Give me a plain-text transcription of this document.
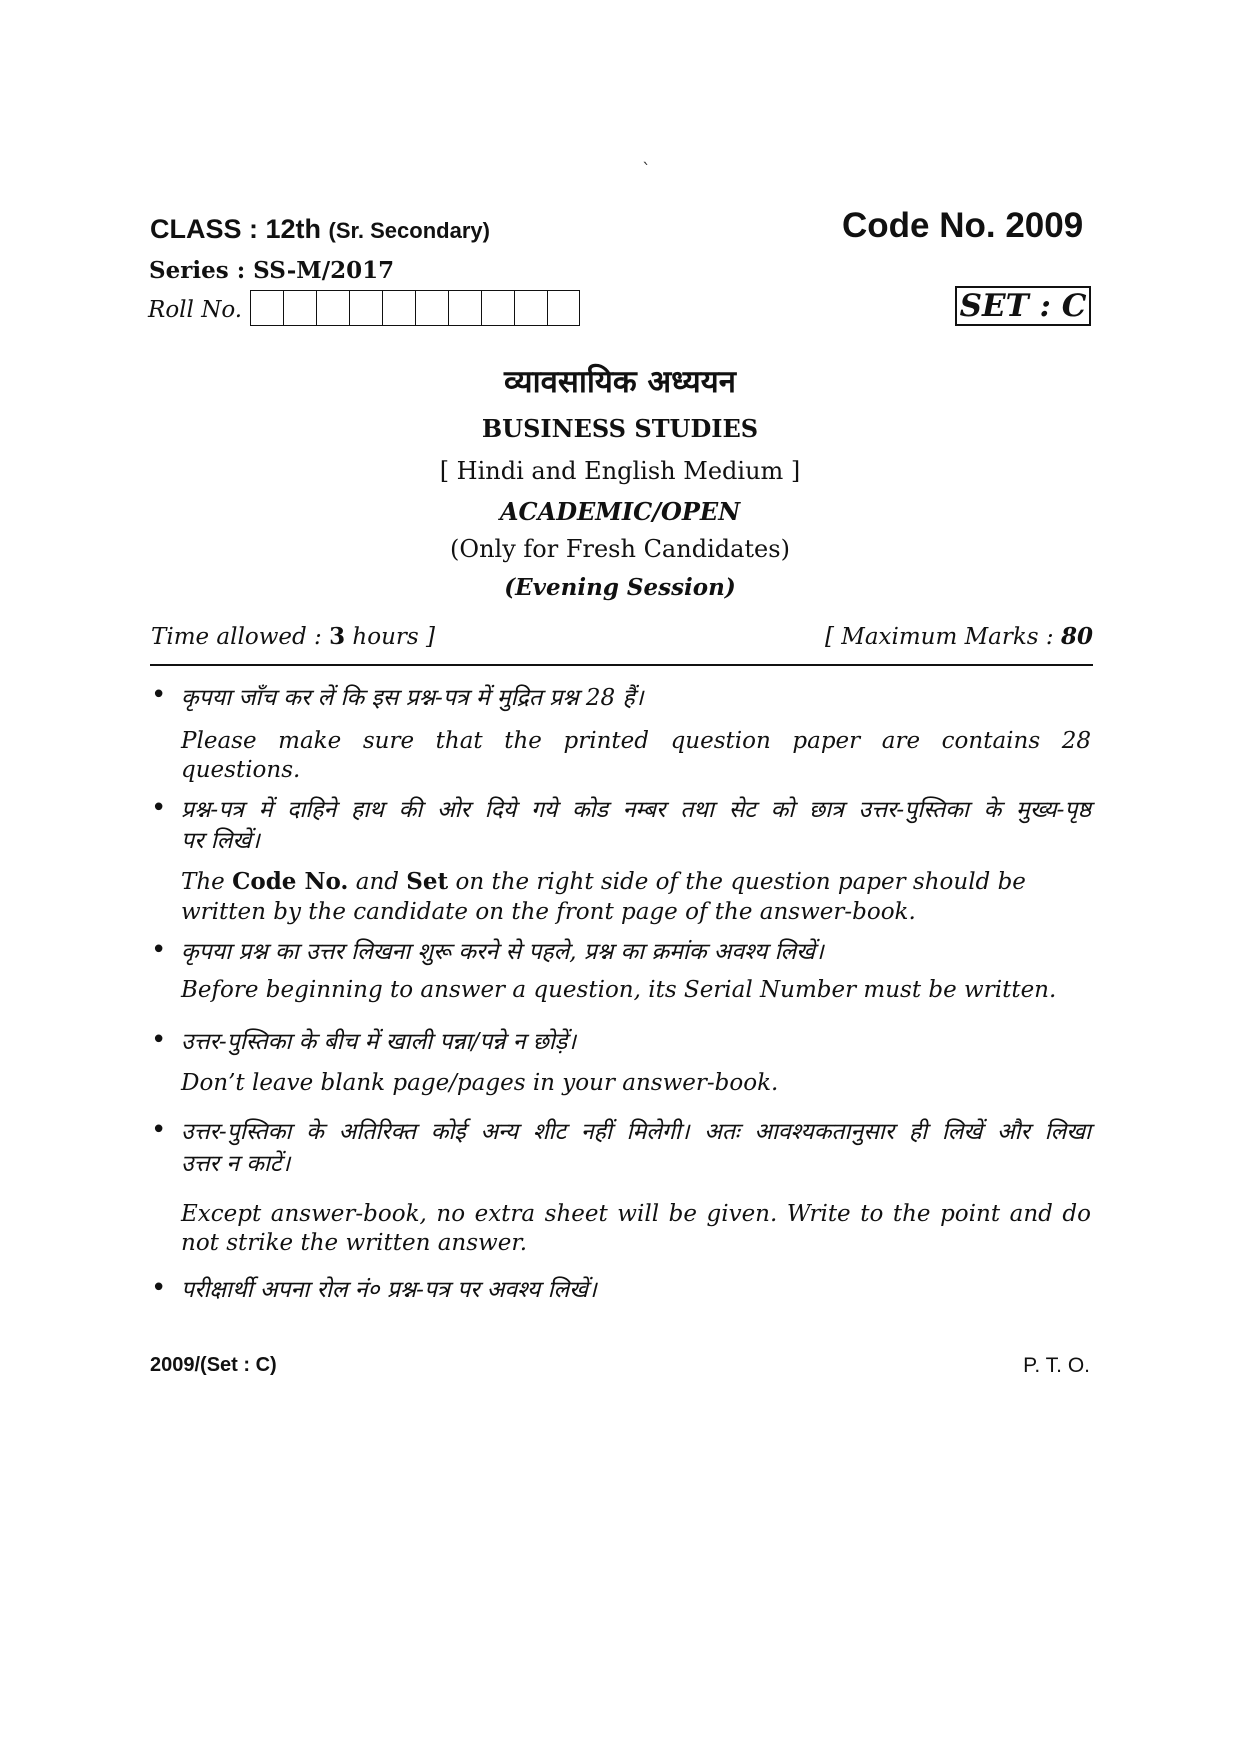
`
CLASS : 12th (Sr. Secondary)	Code No. 2009
Series : SS-M/2017
Roll No.	SET : C
व्यावसायिक अध्ययन
BUSINESS STUDIES
[ Hindi and English Medium ]
ACADEMIC/OPEN
(Only for Fresh Candidates)
(Evening Session)
Time allowed : 3 hours ]	[ Maximum Marks : 80
• कृपया जाँच कर लें कि इस प्रश्न-पत्र में मुद्रित प्रश्न 28 हैं।
Please make sure that the printed question paper are contains 28
questions.
• प्रश्न-पत्र में दाहिने हाथ की ओर दिये गये कोड नम्बर तथा सेट को छात्र उत्तर-पुस्तिका के मुख्य-पृष्ठ
पर लिखें।
The Code No. and Set on the right side of the question paper should be
written by the candidate on the front page of the answer-book.
• कृपया प्रश्न का उत्तर लिखना शुरू करने से पहले, प्रश्न का क्रमांक अवश्य लिखें।
Before beginning to answer a question, its Serial Number must be written.
• उत्तर-पुस्तिका के बीच में खाली पन्ना/पन्ने न छोड़ें।
Don’t leave blank page/pages in your answer-book.
• उत्तर-पुस्तिका के अतिरिक्त कोई अन्य शीट नहीं मिलेगी। अतः आवश्यकतानुसार ही लिखें और लिखा
उत्तर न काटें।
Except answer-book, no extra sheet will be given. Write to the point and do
not strike the written answer.
• परीक्षार्थी अपना रोल नं० प्रश्न-पत्र पर अवश्य लिखें।
2009/(Set : C)	P. T. O.
